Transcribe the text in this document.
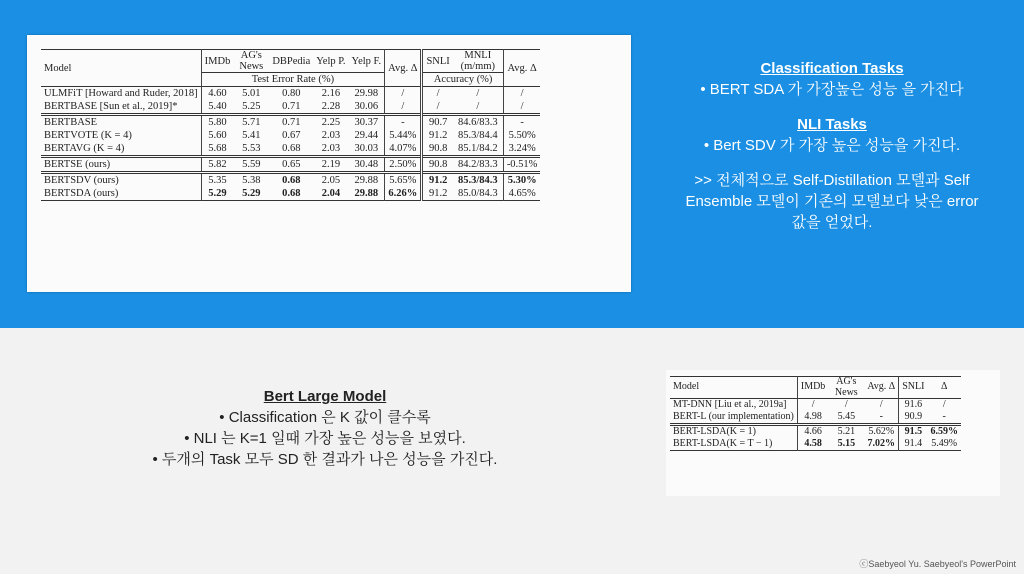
Model	IMDb	AG's News	DBPedia	Yelp P.	Yelp F.	Avg. Δ	SNLI	MNLI (m/mm)	Avg. Δ
	Test Error Rate (%)						Accuracy (%)		
ULMFiT [Howard and Ruder, 2018]	4.60	5.01	0.80	2.16	29.98	/	/	/	/
BERTBASE [Sun et al., 2019]*	5.40	5.25	0.71	2.28	30.06	/	/	/	/
BERTBASE	5.80	5.71	0.71	2.25	30.37	-	90.7	84.6/83.3	-
BERTVOTE (K = 4)	5.60	5.41	0.67	2.03	29.44	5.44%	91.2	85.3/84.4	5.50%
BERTAVG (K = 4)	5.68	5.53	0.68	2.03	30.03	4.07%	90.8	85.1/84.2	3.24%
BERTSE (ours)	5.82	5.59	0.65	2.19	30.48	2.50%	90.8	84.2/83.3	-0.51%
BERTSDV (ours)	5.35	5.38	0.68	2.05	29.88	5.65%	91.2	85.3/84.3	5.30%
BERTSDA (ours)	5.29	5.29	0.68	2.04	29.88	6.26%	91.2	85.0/84.3	4.65%
Model	IMDb	AG's News	Avg. Δ	SNLI	Δ
MT-DNN [Liu et al., 2019a]	/	/	/	91.6	/
BERT-L (our implementation)	4.98	5.45	-	90.9	-
BERT-LSDA(K = 1)	4.66	5.21	5.62%	91.5	6.59%
BERT-LSDA(K = T − 1)	4.58	5.15	7.02%	91.4	5.49%
Classification Tasks
• BERT SDA 가 가장높은 성능 을 가진다
NLI Tasks
• Bert SDV 가 가장 높은 성능을 가진다.
>> 전체적으로 Self-Distillation 모델과 Self
Ensemble 모델이 기존의 모델보다 낮은 error
값을 얻었다.
Bert Large Model
• Classification 은 K 값이 클수록
• NLI 는 K=1 일때 가장 높은 성능을 보였다.
• 두개의 Task 모두 SD 한 결과가 나은 성능을 가진다.
ⓒSaebyeol Yu. Saebyeol's PowerPoint
